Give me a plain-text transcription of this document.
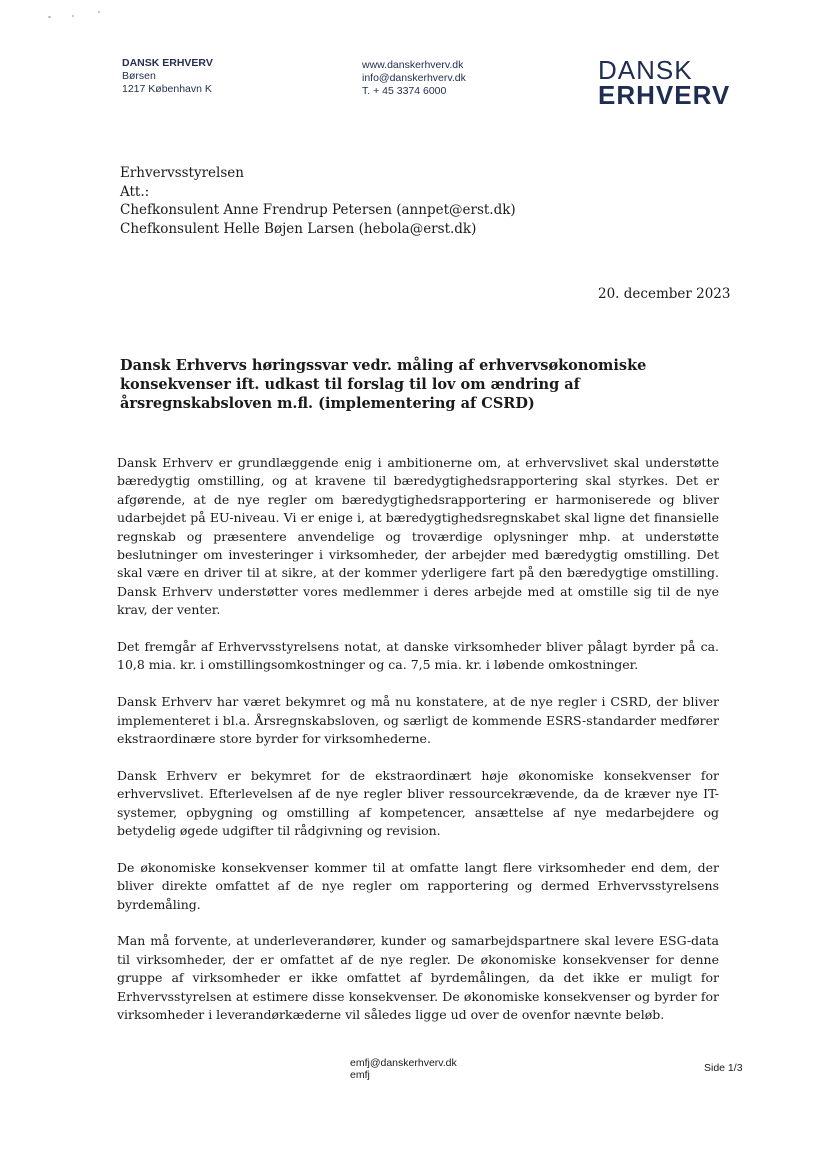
DANSK ERHVERV
Børsen
1217 København K
www.danskerhverv.dk
info@danskerhverv.dk
T. + 45 3374 6000
DANSK
ERHVERV
Erhvervsstyrelsen
Att.:
Chefkonsulent Anne Frendrup Petersen (annpet@erst.dk)
Chefkonsulent Helle Bøjen Larsen (hebola@erst.dk)
20. december 2023
Dansk Erhvervs høringssvar vedr. måling af erhvervsøkonomiske konsekvenser ift. udkast til forslag til lov om ændring af årsregnskabsloven m.fl. (implementering af CSRD)

Dansk Erhverv er grundlæggende enig i ambitionerne om, at erhvervslivet skal understøtte bæredygtig omstilling, og at kravene til bæredygtighedsrapportering skal styrkes. Det er afgørende, at de nye regler om bæredygtighedsrapportering er harmoniserede og bliver udarbejdet på EU-niveau. Vi er enige i, at bæredygtighedsregnskabet skal ligne det finansielle regnskab og præsentere anvendelige og troværdige oplysninger mhp. at understøtte beslutninger om investeringer i virksomheder, der arbejder med bæredygtig omstilling. Det skal være en driver til at sikre, at der kommer yderligere fart på den bæredygtige omstilling. Dansk Erhverv understøtter vores medlemmer i deres arbejde med at omstille sig til de nye krav, der venter.

Det fremgår af Erhvervsstyrelsens notat, at danske virksomheder bliver pålagt byrder på ca. 10,8 mia. kr. i omstillingsomkostninger og ca. 7,5 mia. kr. i løbende omkostninger.

Dansk Erhverv har været bekymret og må nu konstatere, at de nye regler i CSRD, der bliver implementeret i bl.a. Årsregnskabsloven, og særligt de kommende ESRS-standarder medfører ekstraordinære store byrder for virksomhederne.

Dansk Erhverv er bekymret for de ekstraordinært høje økonomiske konsekvenser for erhvervslivet. Efterlevelsen af de nye regler bliver ressourcekrævende, da de kræver nye IT-systemer, opbygning og omstilling af kompetencer, ansættelse af nye medarbejdere og betydelig øgede udgifter til rådgivning og revision.

De økonomiske konsekvenser kommer til at omfatte langt flere virksomheder end dem, der bliver direkte omfattet af de nye regler om rapportering og dermed Erhvervsstyrelsens byrdemåling.

Man må forvente, at underleverandører, kunder og samarbejdspartnere skal levere ESG-data til virksomheder, der er omfattet af de nye regler. De økonomiske konsekvenser for denne gruppe af virksomheder er ikke omfattet af byrdemålingen, da det ikke er muligt for Erhvervsstyrelsen at estimere disse konsekvenser. De økonomiske konsekvenser og byrder for virksomheder i leverandørkæderne vil således ligge ud over de ovenfor nævnte beløb.

emfj@danskerhverv.dk
emfj
Side 1/3
